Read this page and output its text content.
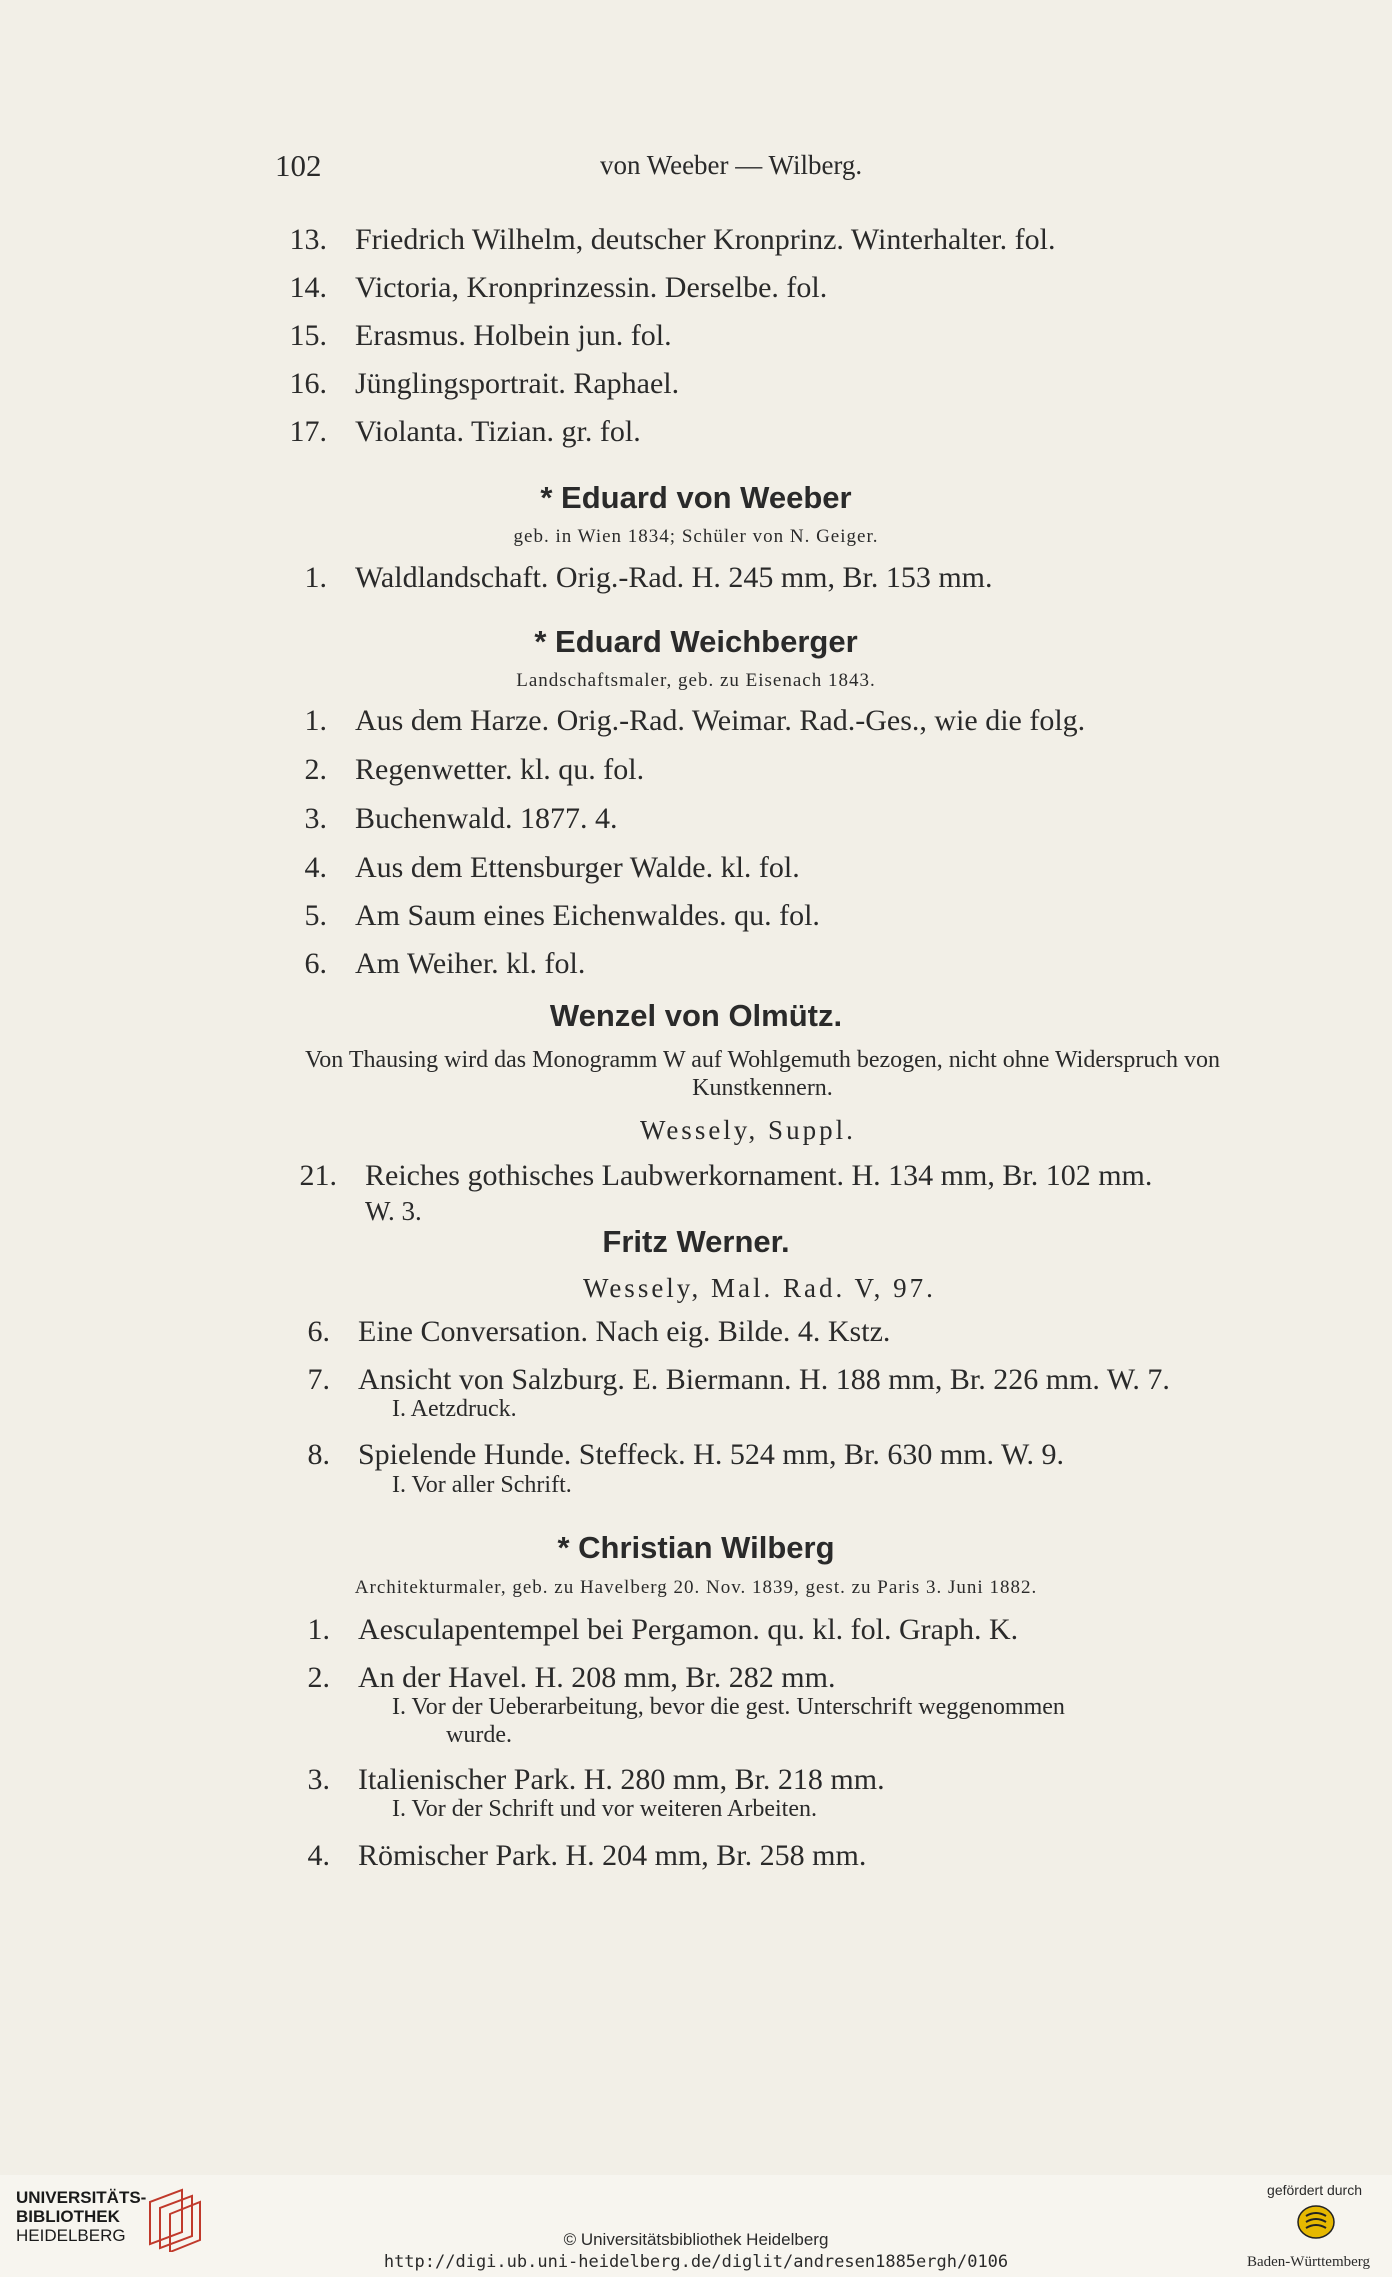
102	von Weeber — Wilberg.
13. Friedrich Wilhelm, deutscher Kronprinz. Winterhalter. fol.
14. Victoria, Kronprinzessin. Derselbe. fol.
15. Erasmus. Holbein jun. fol.
16. Jünglingsportrait. Raphael.
17. Violanta. Tizian. gr. fol.
* Eduard von Weeber
geb. in Wien 1834; Schüler von N. Geiger.
1. Waldlandschaft. Orig.-Rad. H. 245 mm, Br. 153 mm.
* Eduard Weichberger
Landschaftsmaler, geb. zu Eisenach 1843.
1. Aus dem Harze. Orig.-Rad. Weimar. Rad.-Ges., wie die folg.
2. Regenwetter. kl. qu. fol.
3. Buchenwald. 1877. 4.
4. Aus dem Ettensburger Walde. kl. fol.
5. Am Saum eines Eichenwaldes. qu. fol.
6. Am Weiher. kl. fol.
Wenzel von Olmütz.
Von Thausing wird das Monogramm W auf Wohlgemuth bezogen, nicht ohne Widerspruch von Kunstkennern.
Wessely, Suppl.
21. Reiches gothisches Laubwerkornament. H. 134 mm, Br. 102 mm.
W. 3.
Fritz Werner.
Wessely, Mal. Rad. V, 97.
6. Eine Conversation. Nach eig. Bilde. 4. Kstz.
7. Ansicht von Salzburg. E. Biermann. H. 188 mm, Br. 226 mm. W. 7.
I. Aetzdruck.
8. Spielende Hunde. Steffeck. H. 524 mm, Br. 630 mm. W. 9.
I. Vor aller Schrift.
* Christian Wilberg
Architekturmaler, geb. zu Havelberg 20. Nov. 1839, gest. zu Paris 3. Juni 1882.
1. Aesculapentempel bei Pergamon. qu. kl. fol. Graph. K.
2. An der Havel. H. 208 mm, Br. 282 mm.
I. Vor der Ueberarbeitung, bevor die gest. Unterschrift weggenommen
wurde.
3. Italienischer Park. H. 280 mm, Br. 218 mm.
I. Vor der Schrift und vor weiteren Arbeiten.
4. Römischer Park. H. 204 mm, Br. 258 mm.
UNIVERSITÄTS-
BIBLIOTHEK
HEIDELBERG	© Universitätsbibliothek Heidelberg
http://digi.ub.uni-heidelberg.de/diglit/andresen1885ergh/0106
gefördert durch
Baden-Württemberg
